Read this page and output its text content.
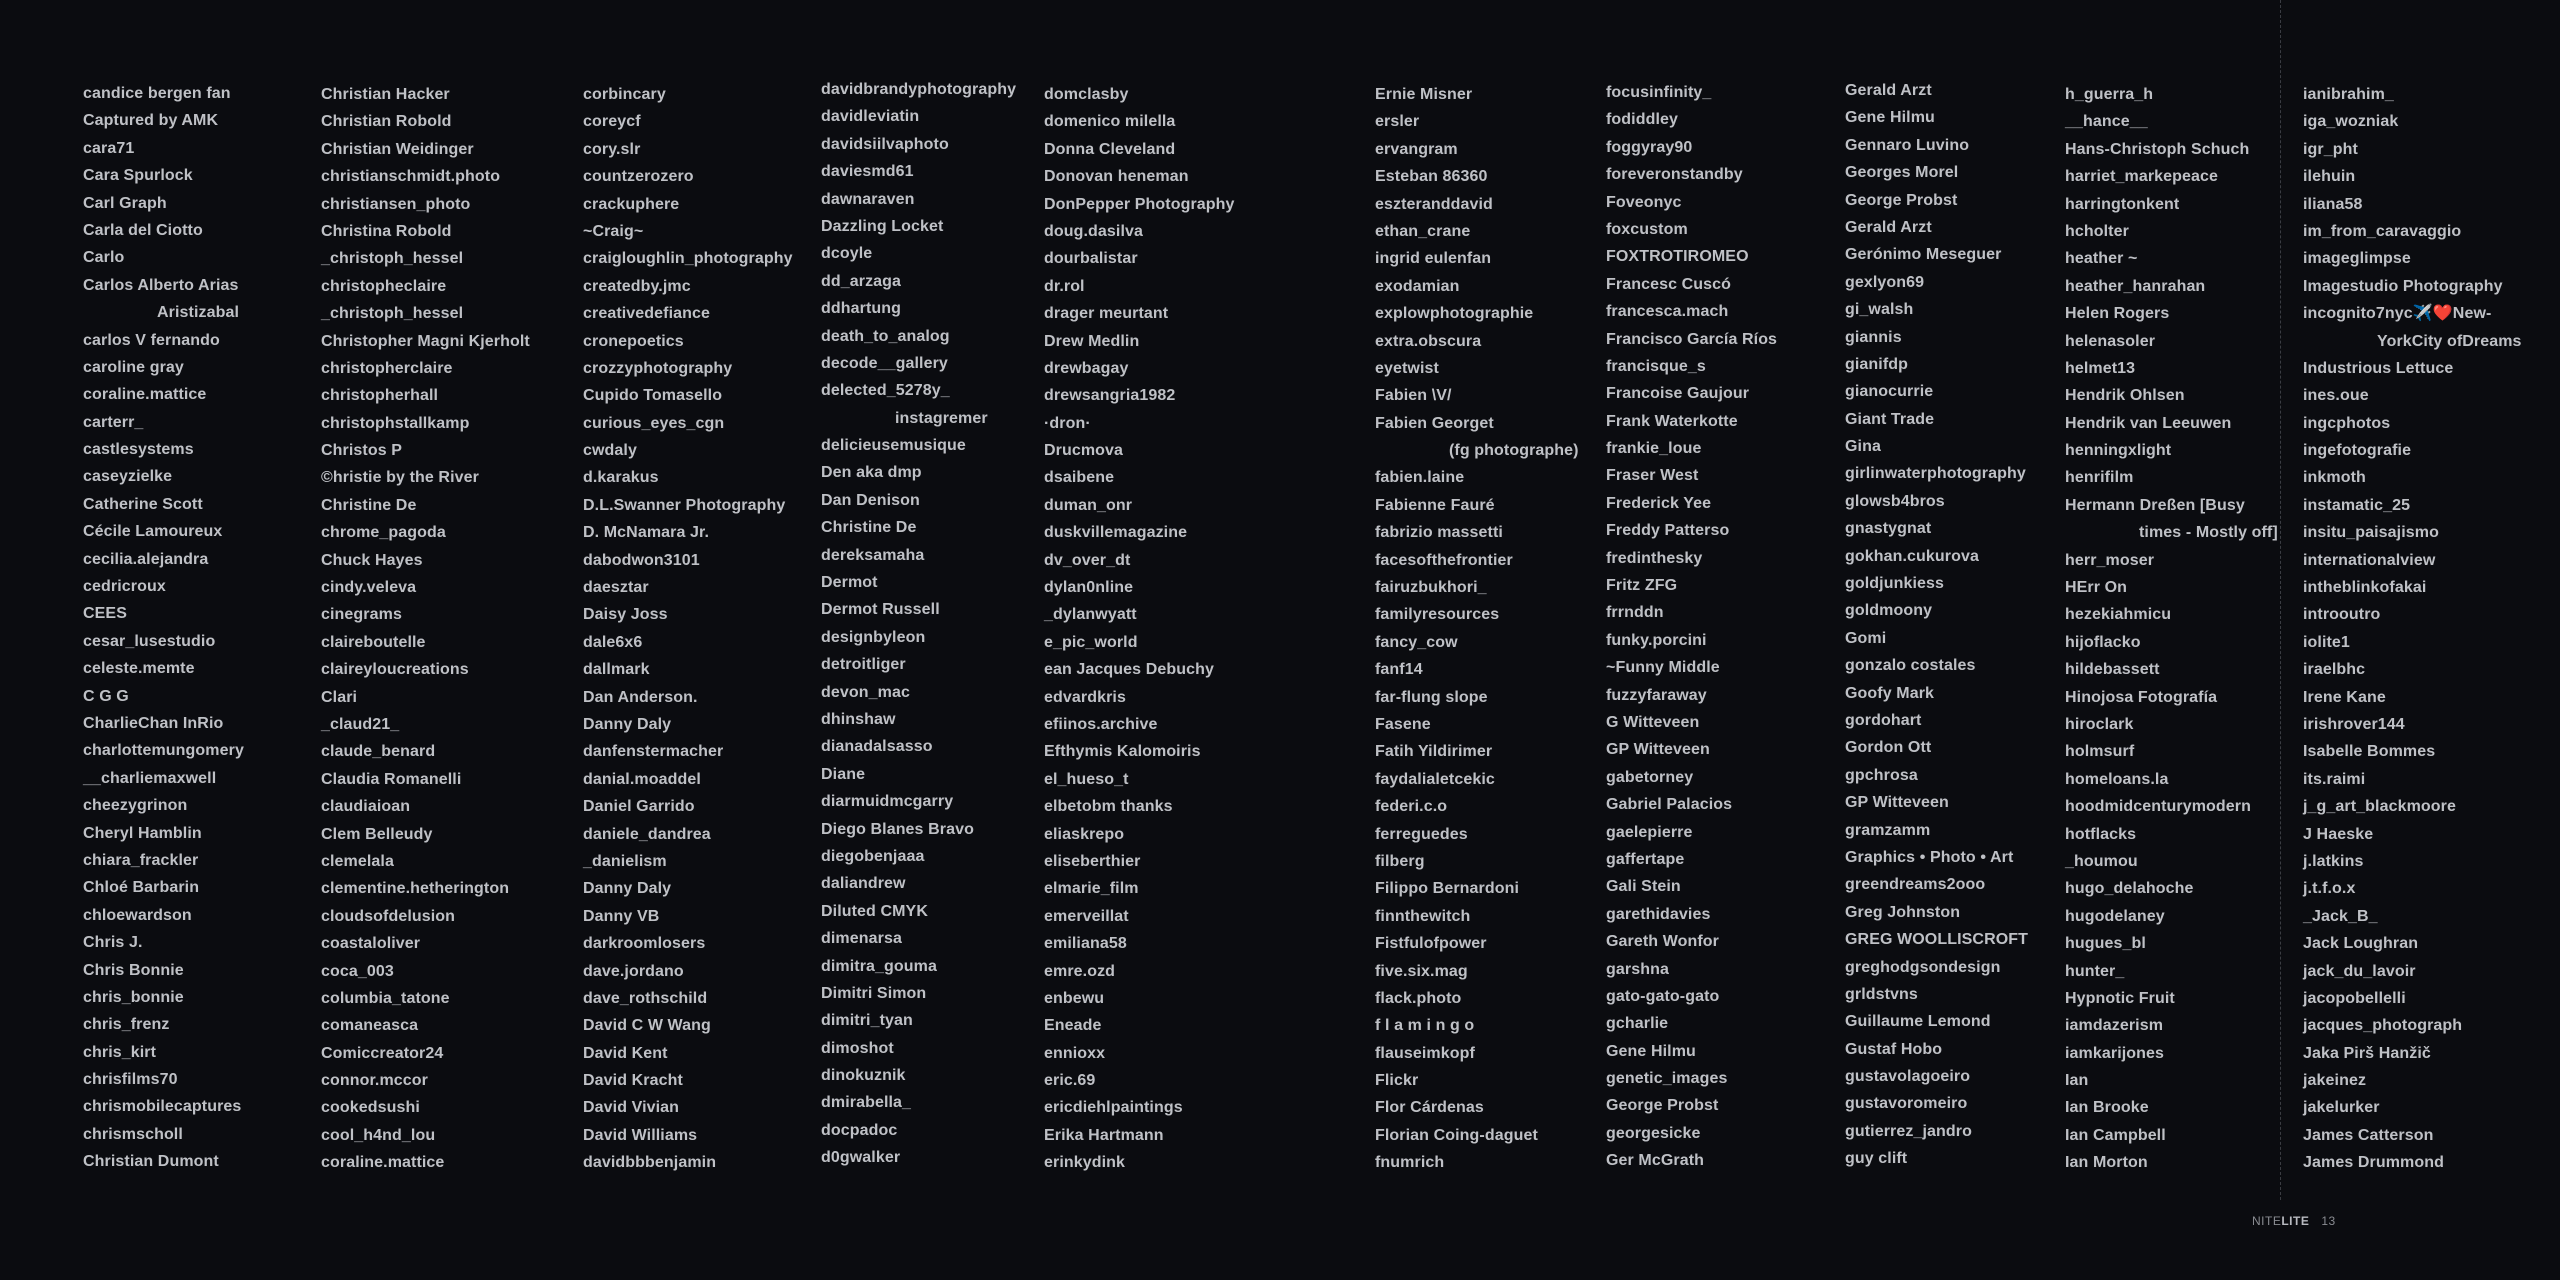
candice bergen fan
Captured by AMK
cara71
Cara Spurlock
Carl Graph
Carla del Ciotto
Carlo
Carlos Alberto Arias
Aristizabal
carlos V fernando
caroline gray
coraline.mattice
carterr_
castlesystems
caseyzielke
Catherine Scott
Cécile Lamoureux
cecilia.alejandra
cedricroux
CEES
cesar_lusestudio
celeste.memte
C G G
CharlieChan InRio
charlottemungomery
__charliemaxwell
cheezygrinon
Cheryl Hamblin
chiara_frackler
Chloé Barbarin
chloewardson
Chris J.
Chris Bonnie
chris_bonnie
chris_frenz
chris_kirt
chrisfilms70
chrismobilecaptures
chrismscholl
Christian Dumont
Christian Hacker
Christian Robold
Christian Weidinger
christianschmidt.photo
christiansen_photo
Christina Robold
_christoph_hessel
christopheclaire
_christoph_hessel
Christopher Magni Kjerholt
christopherclaire
christopherhall
christophstallkamp
Christos P
©hristie by the River
Christine De
chrome_pagoda
Chuck Hayes
cindy.veleva
cinegrams
claireboutelle
claireyloucreations
Clari
_claud21_
claude_benard
Claudia Romanelli
claudiaioan
Clem Belleudy
clemelala
clementine.hetherington
cloudsofdelusion
coastaloliver
coca_003
columbia_tatone
comaneasca
Comiccreator24
connor.mccor
cookedsushi
cool_h4nd_lou
coraline.mattice
corbincary
coreycf
cory.slr
countzerozero
crackuphere
~Craig~
craigloughlin_photography
createdby.jmc
creativedefiance
cronepoetics
crozzyphotography
Cupido Tomasello
curious_eyes_cgn
cwdaly
d.karakus
D.L.Swanner Photography
D. McNamara Jr.
dabodwon3101
daesztar
Daisy Joss
dale6x6
dallmark
Dan Anderson.
Danny Daly
danfenstermacher
danial.moaddel
Daniel Garrido
daniele_dandrea
_danielism
Danny Daly
Danny VB
darkroomlosers
dave.jordano
dave_rothschild
David C W Wang
David Kent
David Kracht
David Vivian
David Williams
davidbbbenjamin
davidbrandyphotography
davidleviatin
davidsiilvaphoto
daviesmd61
dawnaraven
Dazzling Locket
dcoyle
dd_arzaga
ddhartung
death_to_analog
decode__gallery
delected_5278y_
instagremer
delicieusemusique
Den aka dmp
Dan Denison
Christine De
dereksamaha
Dermot
Dermot Russell
designbyleon
detroitliger
devon_mac
dhinshaw
dianadalsasso
Diane
diarmuidmcgarry
Diego Blanes Bravo
diegobenjaaa
daliandrew
Diluted CMYK
dimenarsa
dimitra_gouma
Dimitri Simon
dimitri_tyan
dimoshot
dinokuznik
dmirabella_
docpadoc
d0gwalker
domclasby
domenico milella
Donna Cleveland
Donovan heneman
DonPepper Photography
doug.dasilva
dourbalistar
dr.rol
drager meurtant
Drew Medlin
drewbagay
drewsangria1982
·dron·
Drucmova
dsaibene
duman_onr
duskvillemagazine
dv_over_dt
dylan0nline
_dylanwyatt
e_pic_world
ean Jacques Debuchy
edvardkris
efiinos.archive
Efthymis Kalomoiris
el_hueso_t
elbetobm thanks
eliaskrepo
eliseberthier
elmarie_film
emerveillat
emiliana58
emre.ozd
enbewu
Eneade
ennioxx
eric.69
ericdiehlpaintings
Erika Hartmann
erinkydink
Ernie Misner
ersler
ervangram
Esteban 86360
eszteranddavid
ethan_crane
ingrid eulenfan
exodamian
explowphotographie
extra.obscura
eyetwist
Fabien \V/
Fabien Georget
(fg photographe)
fabien.laine
Fabienne Fauré
fabrizio massetti
facesofthefrontier
fairuzbukhori_
familyresources
fancy_cow
fanf14
far-flung slope
Fasene
Fatih Yildirimer
faydalialetcekic
federi.c.o
ferreguedes
filberg
Filippo Bernardoni
finnthewitch
Fistfulofpower
five.six.mag
flack.photo
f l a m i n g o
flauseimkopf
Flickr
Flor Cárdenas
Florian Coing-daguet
fnumrich
focusinfinity_
fodiddley
foggyray90
foreveronstandby
Foveonyc
foxcustom
FOXTROTIROMEO
Francesc Cuscó
francesca.mach
Francisco García Ríos
francisque_s
Francoise Gaujour
Frank Waterkotte
frankie_loue
Fraser West
Frederick Yee
Freddy Patterso
fredinthesky
Fritz ZFG
frrnddn
funky.porcini
~Funny Middle
fuzzyfaraway
G Witteveen
GP Witteveen
gabetorney
Gabriel Palacios
gaelepierre
gaffertape
Gali Stein
garethidavies
Gareth Wonfor
garshna
gato-gato-gato
gcharlie
Gene Hilmu
genetic_images
George Probst
georgesicke
Ger McGrath
Gerald Arzt
Gene Hilmu
Gennaro Luvino
Georges Morel
George Probst
Gerald Arzt
Gerónimo Meseguer
gexlyon69
gi_walsh
giannis
gianifdp
gianocurrie
Giant Trade
Gina
girlinwaterphotography
glowsb4bros
gnastygnat
gokhan.cukurova
goldjunkiess
goldmoony
Gomi
gonzalo costales
Goofy Mark
gordohart
Gordon Ott
gpchrosa
GP Witteveen
gramzamm
Graphics • Photo • Art
greendreams2ooo
Greg Johnston
GREG WOOLLISCROFT
greghodgsondesign
grldstvns
Guillaume Lemond
Gustaf Hobo
gustavolagoeiro
gustavoromeiro
gutierrez_jandro
guy clift
h_guerra_h
__hance__
Hans-Christoph Schuch
harriet_markepeace
harringtonkent
hcholter
heather ~
heather_hanrahan
Helen Rogers
helenasoler
helmet13
Hendrik Ohlsen
Hendrik van Leeuwen
henningxlight
henrifilm
Hermann Dreßen [Busy
times - Mostly off]
herr_moser
HErr On
hezekiahmicu
hijoflacko
hildebassett
Hinojosa Fotografía
hiroclark
holmsurf
homeloans.la
hoodmidcenturymodern
hotflacks
_houmou
hugo_delahoche
hugodelaney
hugues_bl
hunter_
Hypnotic Fruit
iamdazerism
iamkarijones
Ian
Ian Brooke
Ian Campbell
Ian Morton
ianibrahim_
iga_wozniak
igr_pht
ilehuin
iliana58
im_from_caravaggio
imageglimpse
Imagestudio Photography
incognito7nyc✈️❤️New-
YorkCity ofDreams
Industrious Lettuce
ines.oue
ingcphotos
ingefotografie
inkmoth
instamatic_25
insitu_paisajismo
internationalview
intheblinkofakai
introoutro
iolite1
iraelbhc
Irene Kane
irishrover144
Isabelle Bommes
its.raimi
j_g_art_blackmoore
J Haeske
j.latkins
j.t.f.o.x
_Jack_B_
Jack Loughran
jack_du_lavoir
jacopobellelli
jacques_photograph
Jaka Pirš Hanžič
jakeinez
jakelurker
James Catterson
James Drummond
NITELITE 13
